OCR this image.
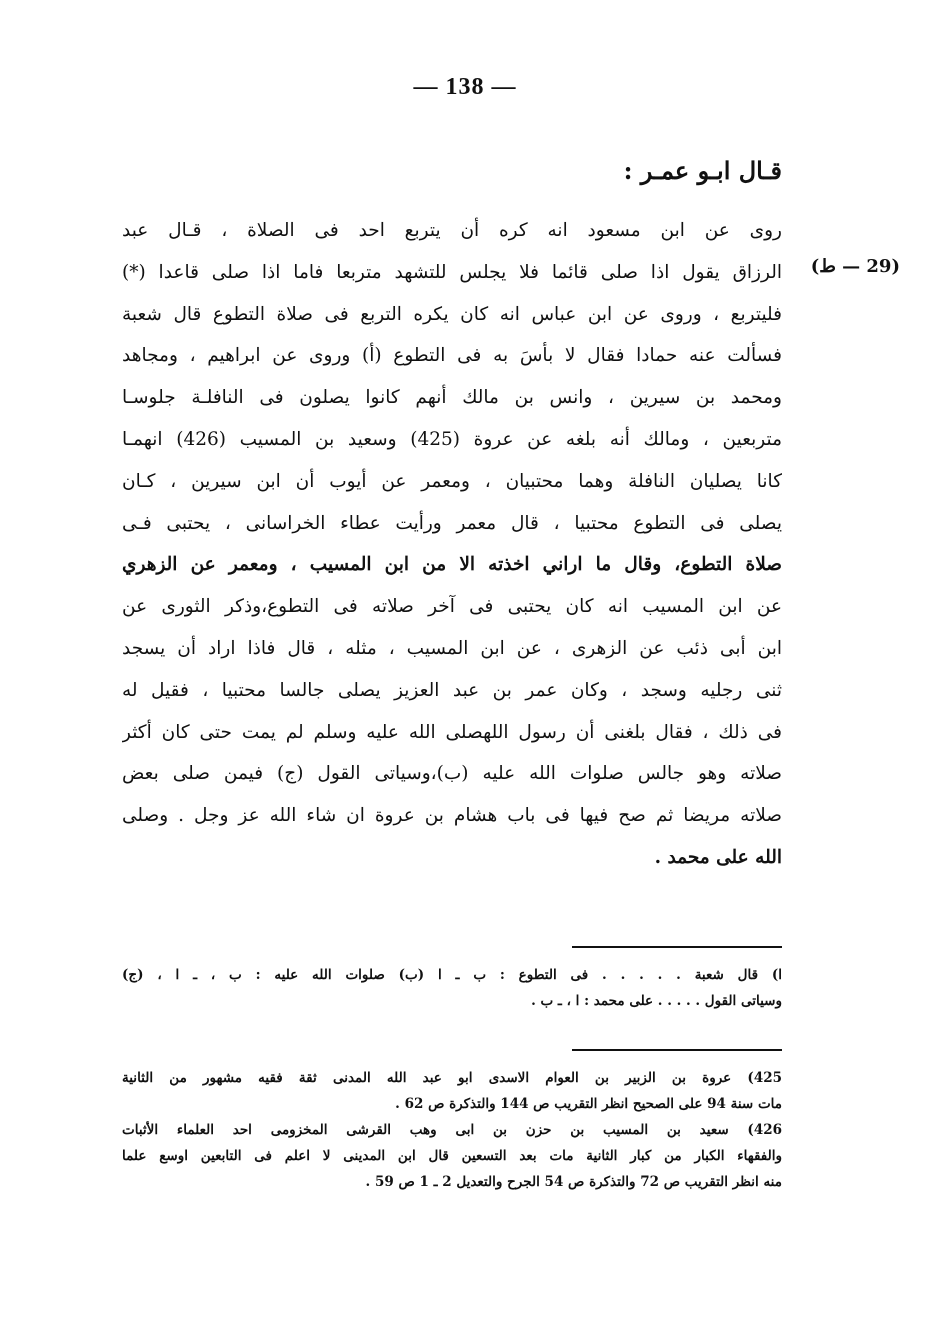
— 138 —
قـال ابـو عمـر :
(29 — ط)
روى عن ابن مسعود انه كره أن يتربع احد فى الصلاة ، قـال عبد
الرزاق يقول اذا صلى قائما فلا يجلس للتشهد متربعا فاما اذا صلى قاعدا (*)
فليتربع ، وروى عن ابن عباس انه كان يكره التربع فى صلاة التطوع قال شعبة
فسألت عنه حمادا فقال لا بأسَ به فى التطوع (أ) وروى عن ابراهيم ، ومجاهد
ومحمد بن سيرين ، وانس بن مالك أنهم كانوا يصلون فى النافلـة جلوسـا
متربعين ، ومالك أنه بلغه عن عروة (425) وسعيد بن المسيب (426) انهمـا
كانا يصليان النافلة وهما محتبيان ، ومعمر عن أيوب أن ابن سيرين ، كـان
يصلى فى التطوع محتبيا ، قال معمر ورأيت عطاء الخراسانى ، يحتبى فـى
صلاة التطوع، وقال ما اراني اخذته الا من ابن المسيب ، ومعمر عن الزهري
عن ابن المسيب انه كان يحتبى فى آخر صلاته فى التطوع،وذكر الثورى عن
ابن أبى ذئب عن الزهرى ، عن ابن المسيب ، مثله ، قال فاذا اراد أن يسجد
ثنى رجليه وسجد ، وكان عمر بن عبد العزيز يصلى جالسا محتبيا ، فقيل له
فى ذلك ، فقال بلغنى أن رسول اللهصلى الله عليه وسلم لم يمت حتى كان أكثر
صلاته وهو جالس صلوات الله عليه (ب)،وسياتى القول (ج) فيمن صلى بعض
صلاته مريضا ثم صح فيها فى باب هشام بن عروة ان شاء الله عز وجل . وصلى
الله على محمد .
ا) قال شعبة . . . . . فى التطوع : ب ـ ا (ب) صلوات الله عليه : ب ، ـ ا ، (ج)
وسياتى القول . . . . . على محمد : ا ، ـ ب .
425) عروة بن الزبير بن العوام الاسدى ابو عبد الله المدنى ثقة فقيه مشهور من الثانية
مات سنة 94 على الصحيح انظر التقريب ص 144 والتذكرة ص 62 .
426) سعيد بن المسيب بن حزن بن ابى وهب القرشى المخزومى احد العلماء الأثبات
والفقهاء الكبار من كبار الثانية مات بعد التسعين قال ابن المدينى لا اعلم فى التابعين اوسع علما
منه انظر التقريب ص 72 والتذكرة ص 54 الجرح والتعديل 2 ـ 1 ص 59 .
